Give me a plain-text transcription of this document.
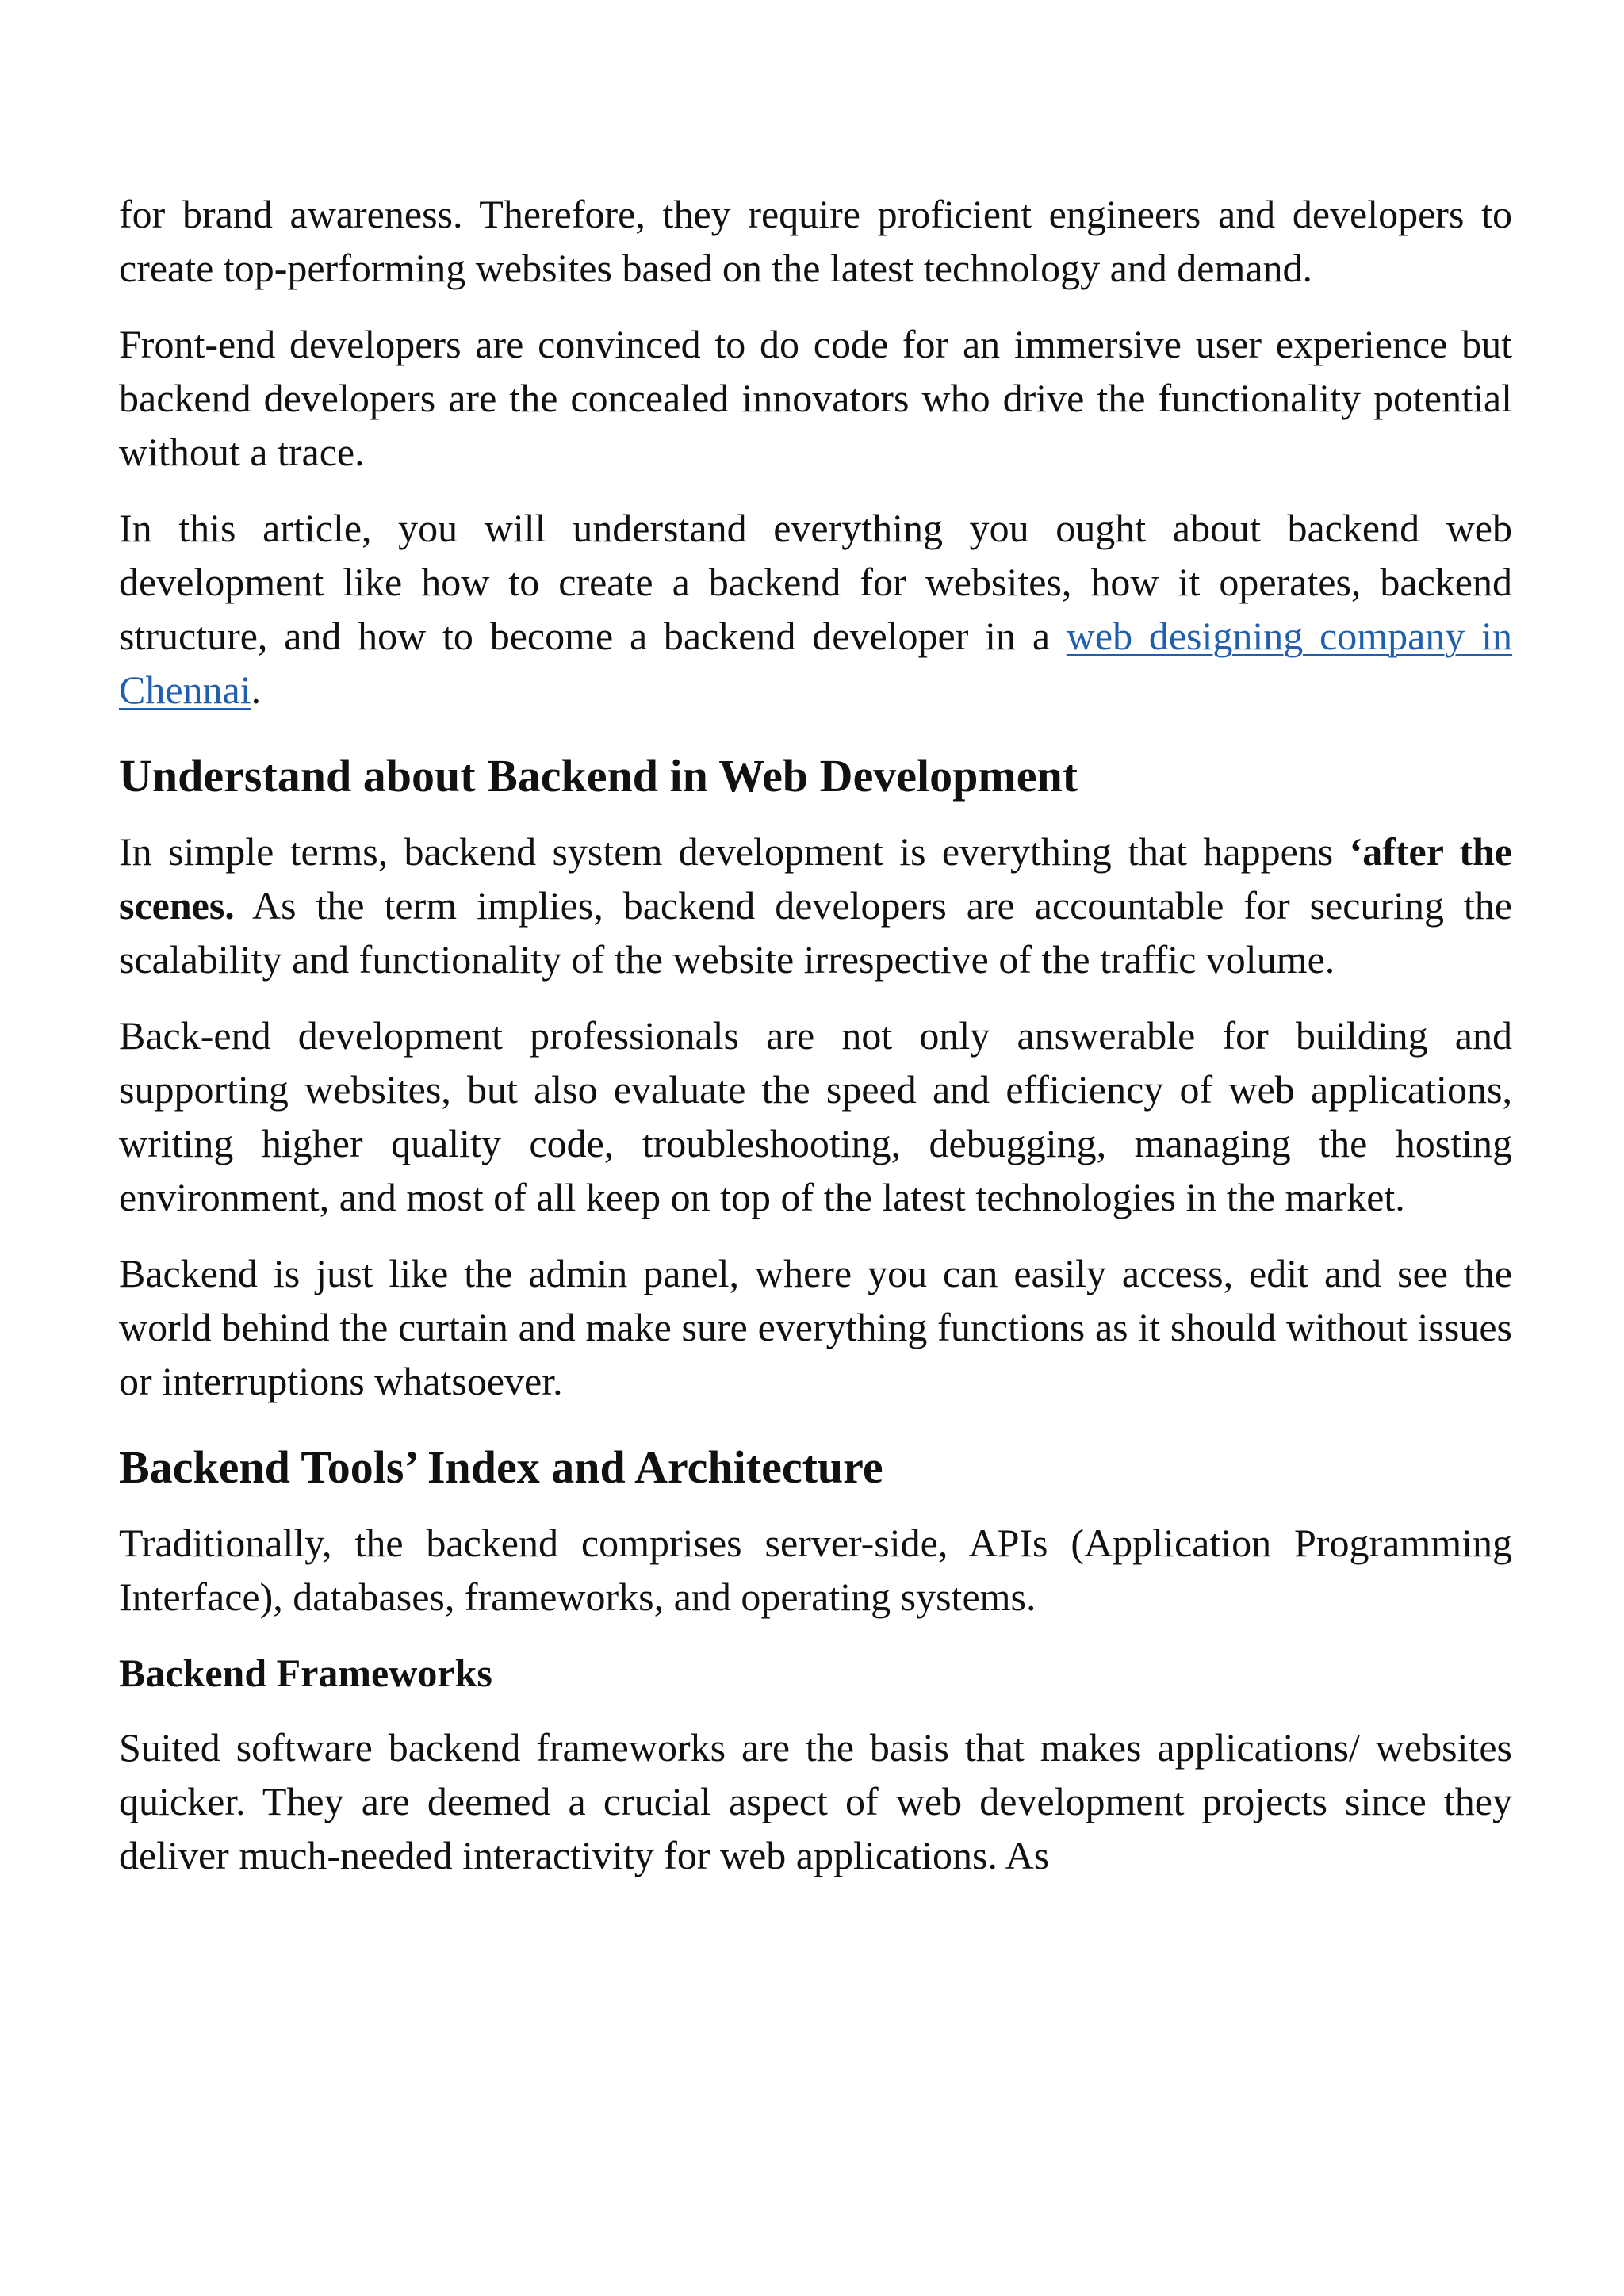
for brand awareness. Therefore, they require proficient engineers and developers to create top-performing websites based on the latest technology and demand.

Front-end developers are convinced to do code for an immersive user experience but backend developers are the concealed innovators who drive the functionality potential without a trace.

In this article, you will understand everything you ought about backend web development like how to create a backend for websites, how it operates, backend structure, and how to become a backend developer in a web designing company in Chennai.

Understand about Backend in Web Development

In simple terms, backend system development is everything that happens ‘after the scenes. As the term implies, backend developers are accountable for securing the scalability and functionality of the website irrespective of the traffic volume.

Back-end development professionals are not only answerable for building and supporting websites, but also evaluate the speed and efficiency of web applications, writing higher quality code, troubleshooting, debugging, managing the hosting environment, and most of all keep on top of the latest technologies in the market.

Backend is just like the admin panel, where you can easily access, edit and see the world behind the curtain and make sure everything functions as it should without issues or interruptions whatsoever.

Backend Tools’ Index and Architecture

Traditionally, the backend comprises server-side, APIs (Application Programming Interface), databases, frameworks, and operating systems.

Backend Frameworks

Suited software backend frameworks are the basis that makes applications/ websites quicker. They are deemed a crucial aspect of web development projects since they deliver much-needed interactivity for web applications. As
